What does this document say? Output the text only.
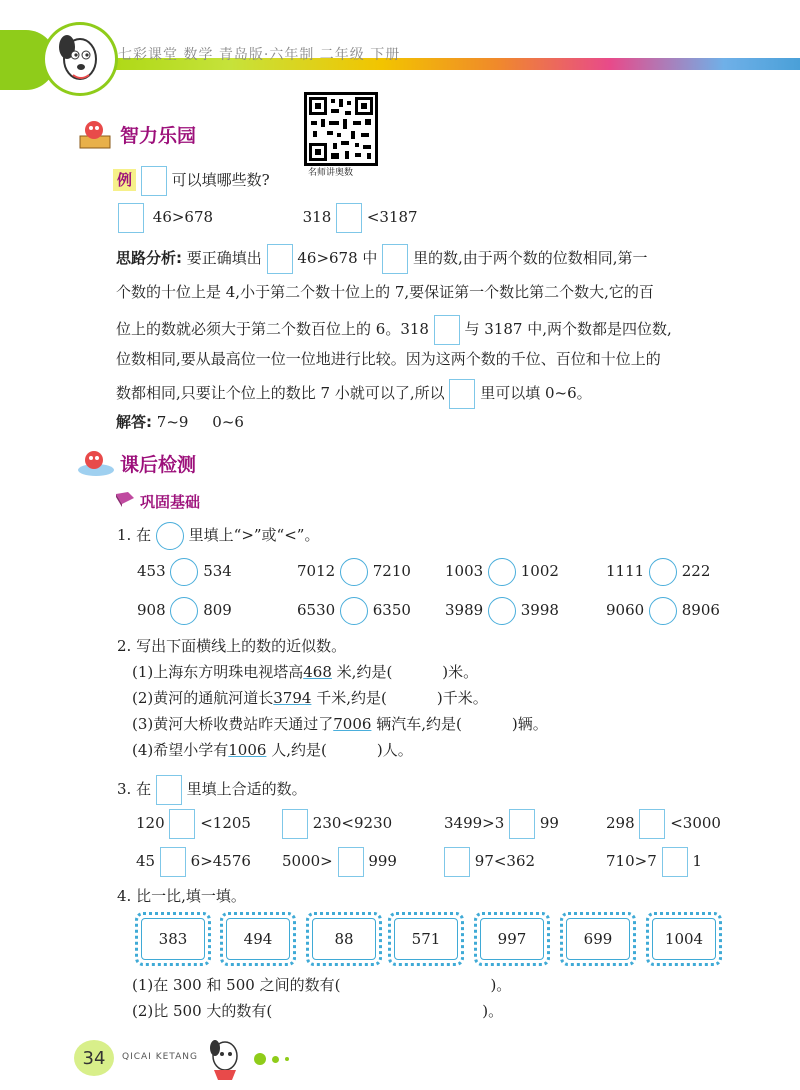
七彩课堂 数学 青岛版·六年制 二年级 下册
名师讲奥数
智力乐园
例	可以填哪些数?
46>678	318 <3187
思路分析: 要正确填出 46>678 中 里的数,由于两个数的位数相同,第一
个数的十位上是 4,小于第二个数十位上的 7,要保证第一个数比第二个数大,它的百
位上的数就必须大于第二个数百位上的 6。318 与 3187 中,两个数都是四位数,
位数相同,要从最高位一位一位地进行比较。因为这两个数的千位、百位和十位上的
数都相同,只要让个位上的数比 7 小就可以了,所以 里可以填 0~6。
解答: 7~9     0~6
课后检测
巩固基础
1. 在	里填上“>”或“<”。
453	534	7012	7210 1003	1002	1111	222
908	809	6530	6350 3989	3998	9060	8906
2. 写出下面横线上的数的近似数。
(1)上海东方明珠电视塔高468 米,约是(	)米。
(2)黄河的通航河道长3794 千米,约是(	)千米。
(3)黄河大桥收费站昨天通过了7006 辆汽车,约是(	)辆。
(4)希望小学有1006 人,约是(	)人。
3. 在 里填上合适的数。
120 <1205	230<9230	3499>3 99	298 <3000
45 6>4576 5000> 999	97<362	710>7 1
4. 比一比,填一填。
383	494	88	571	997	699	1004
(1)在 300 和 500 之间的数有(	)。
(2)比 500 大的数有(	)。
34	QICAI KETANG
